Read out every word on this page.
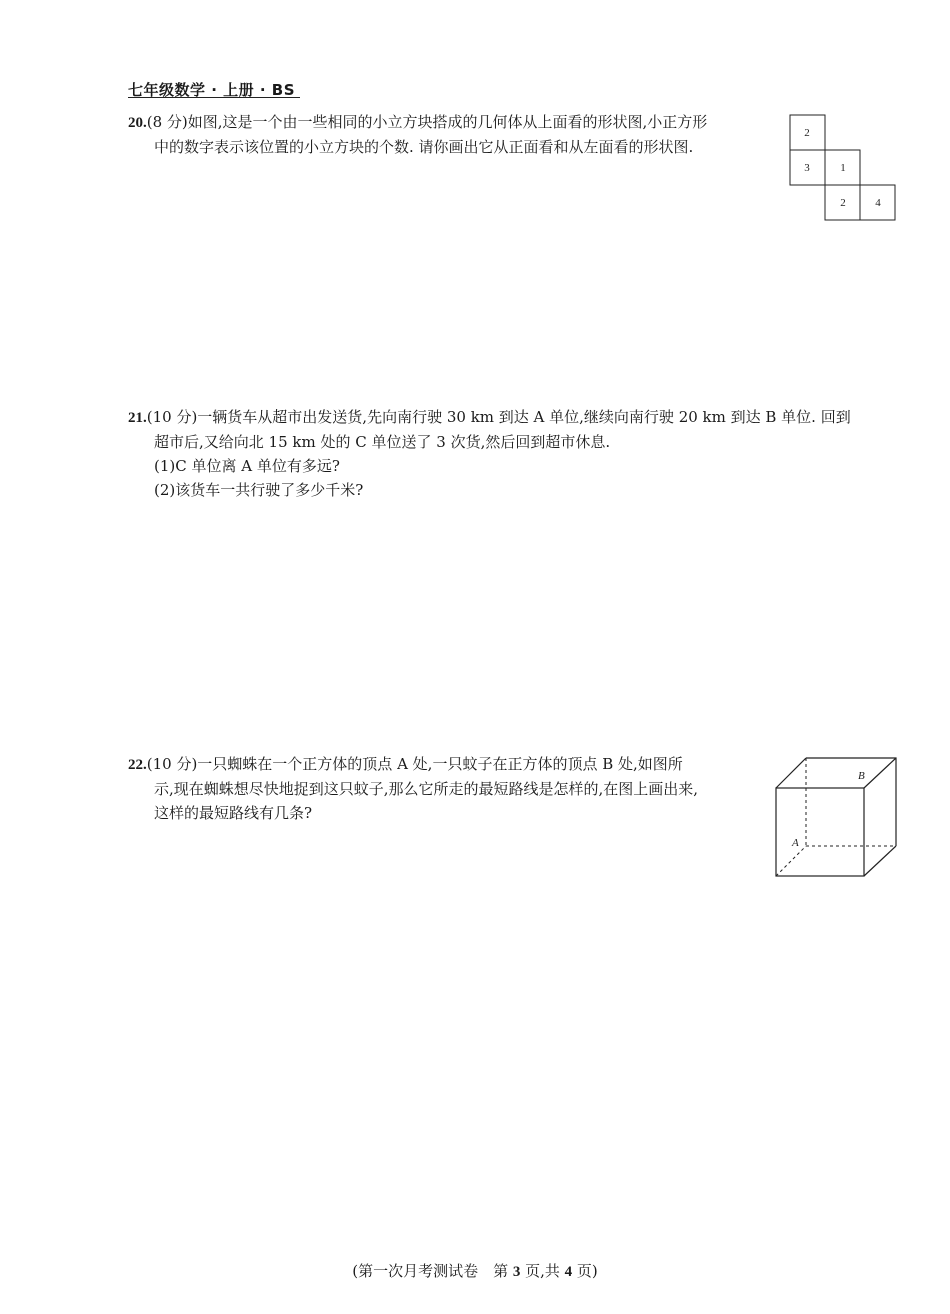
七年级数学 · 上册 · BS
20.(8 分)如图,这是一个由一些相同的小立方块搭成的几何体从上面看的形状图,小正方形
中的数字表示该位置的小立方块的个数. 请你画出它从正面看和从左面看的形状图.
2
3	1
2	4
21.(10 分)一辆货车从超市出发送货,先向南行驶 30 km 到达 A 单位,继续向南行驶 20 km 到达 B 单位. 回到
超市后,又给向北 15 km 处的 C 单位送了 3 次货,然后回到超市休息.
(1)C 单位离 A 单位有多远?
(2)该货车一共行驶了多少千米?
22.(10 分)一只蜘蛛在一个正方体的顶点 A 处,一只蚊子在正方体的顶点 B 处,如图所
示,现在蜘蛛想尽快地捉到这只蚊子,那么它所走的最短路线是怎样的,在图上画出来,
这样的最短路线有几条?
A
B
(第一次月考测试卷　第 3 页,共 4 页)
